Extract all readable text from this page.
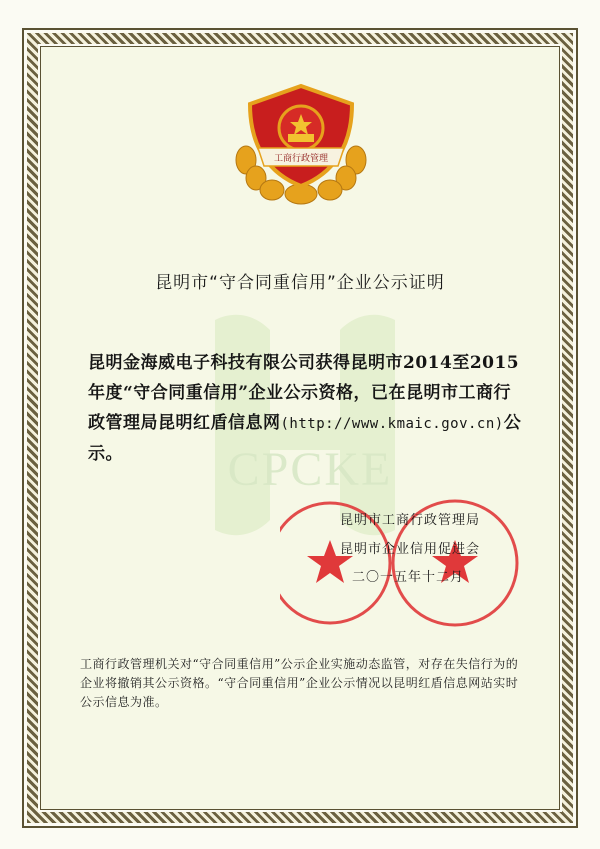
CPCKE
工商行政管理
昆明市“守合同重信用”企业公示证明
昆明金海威电子科技有限公司获得昆明市2014至2015年度“守合同重信用”企业公示资格，已在昆明市工商行政管理局昆明红盾信息网(http://www.kmaic.gov.cn)公示。
昆明市工商行政管理局
昆明市企业信用促进会
二〇一五年十二月
工商行政管理机关对“守合同重信用”公示企业实施动态监管，对存在失信行为的企业将撤销其公示资格。“守合同重信用”企业公示情况以昆明红盾信息网站实时公示信息为准。
